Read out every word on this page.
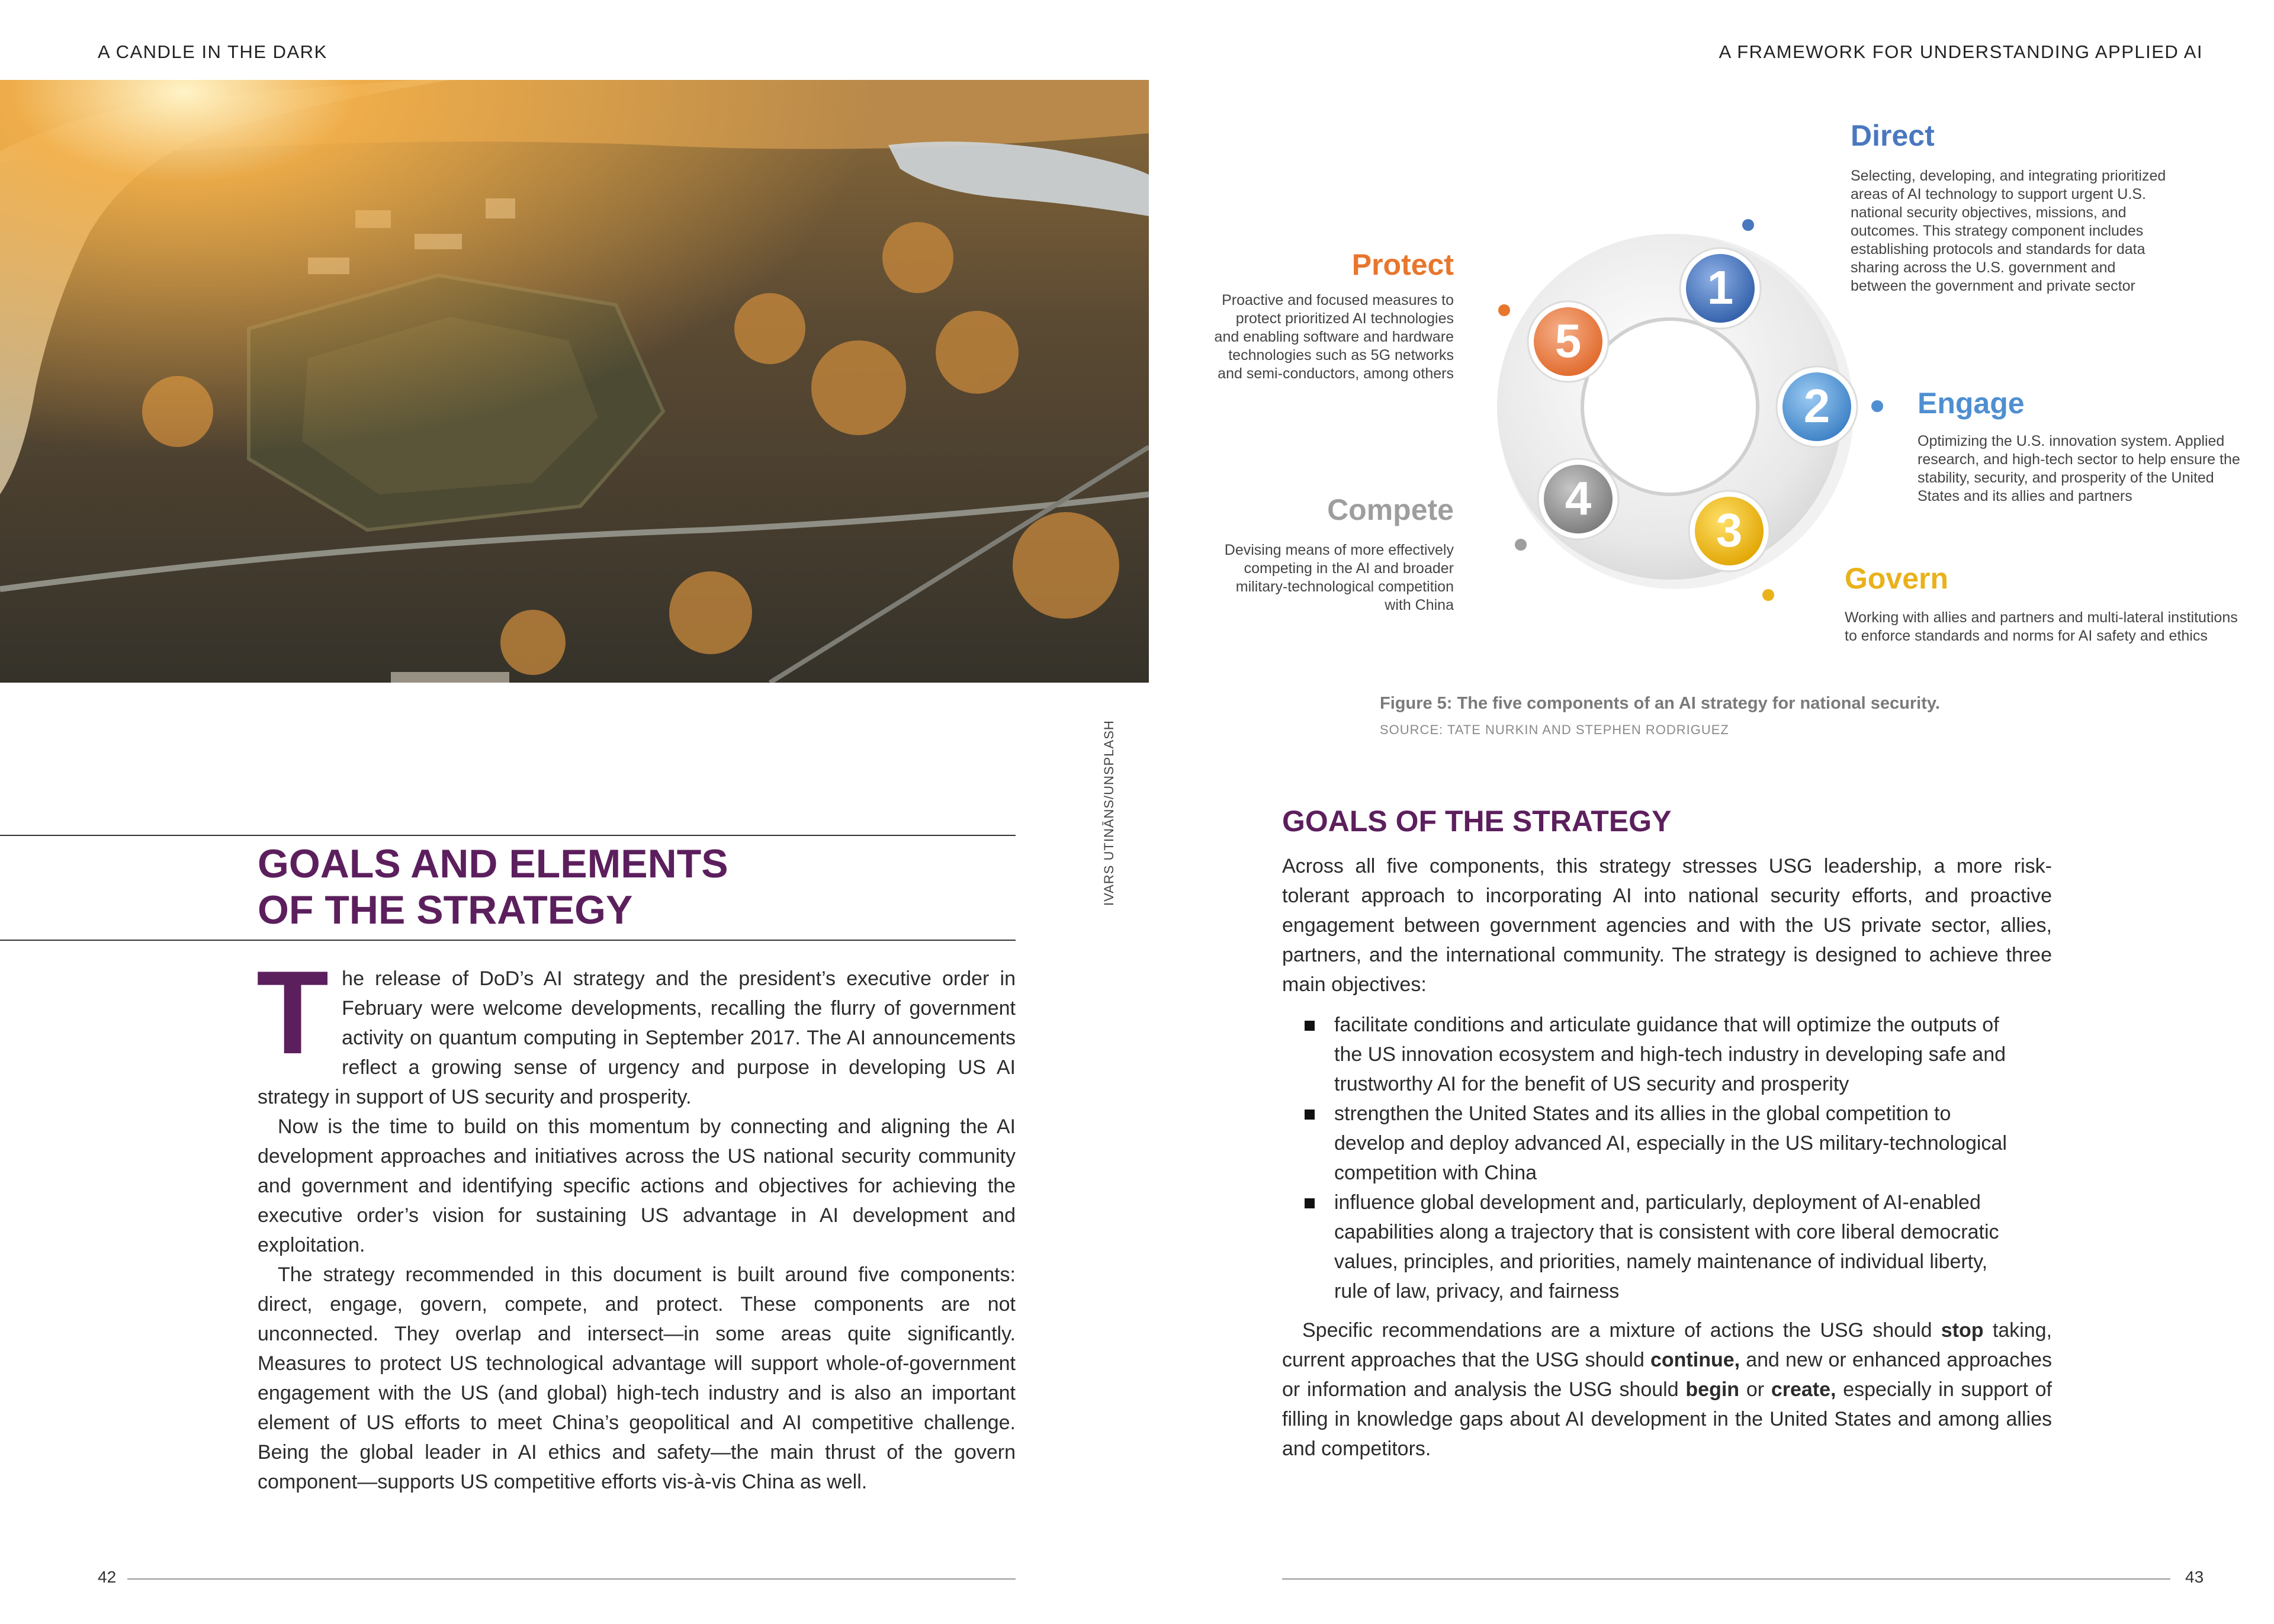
A CANDLE IN THE DARK
IVARS UTINĀNS/UNSPLASH
GOALS AND ELEMENTS
OF THE STRATEGY

The release of DoD’s AI strategy and the president’s executive order in February were welcome developments, recalling the flurry of government activity on quantum computing in September 2017. The AI announcements reflect a growing sense of urgency and purpose in developing US AI strategy in support of US security and prosperity.

Now is the time to build on this momentum by connecting and aligning the AI development approaches and initiatives across the US national security community and government and identifying specific actions and objectives for achieving the executive order’s vision for sustaining US advantage in AI development and exploitation.

The strategy recommended in this document is built around five components: direct, engage, govern, compete, and protect. These components are not unconnected. They overlap and intersect—in some areas quite significantly. Measures to protect US technological advantage will support whole-of-government engagement with the US (and global) high-tech industry and is also an important element of US efforts to meet China’s geopolitical and AI competitive challenge. Being the global leader in AI ethics and safety—the main thrust of the govern component—supports US competitive efforts vis-à-vis China as well.

42
A FRAMEWORK FOR UNDERSTANDING APPLIED AI
1
2
3
4
5
Direct
Selecting, developing, and integrating prioritized areas of AI technology to support urgent U.S. national security objectives, missions, and outcomes. This strategy component includes establishing protocols and standards for data sharing across the U.S. government and between the government and private sector
Engage
Optimizing the U.S. innovation system. Applied research, and high-tech sector to help ensure the stability, security, and prosperity of the United States and its allies and partners
Govern
Working with allies and partners and multi-lateral institutions to enforce standards and norms for AI safety and ethics
Compete
Devising means of more effectively competing in the AI and broader military-technological competition with China
Protect
Proactive and focused measures to protect prioritized AI technologies and enabling software and hardware technologies such as 5G networks and semi-conductors, among others
Figure 5: The five components of an AI strategy for national security.
SOURCE: TATE NURKIN AND STEPHEN RODRIGUEZ
GOALS OF THE STRATEGY

Across all five components, this strategy stresses USG leadership, a more risk-tolerant approach to incorporating AI into national security efforts, and proactive engagement between government agencies and with the US private sector, allies, partners, and the international community. The strategy is designed to achieve three main objectives:

facilitate conditions and articulate guidance that will optimize the outputs of the US innovation ecosystem and high-tech industry in developing safe and trustworthy AI for the benefit of US security and prosperity
strengthen the United States and its allies in the global competition to develop and deploy advanced AI, especially in the US military-technological competition with China
influence global development and, particularly, deployment of AI-enabled capabilities along a trajectory that is consistent with core liberal democratic values, principles, and priorities, namely maintenance of individual liberty, rule of law, privacy, and fairness

Specific recommendations are a mixture of actions the USG should stop taking, current approaches that the USG should continue, and new or enhanced approaches or information and analysis the USG should begin or create, especially in support of filling in knowledge gaps about AI development in the United States and among allies and competitors.

43
